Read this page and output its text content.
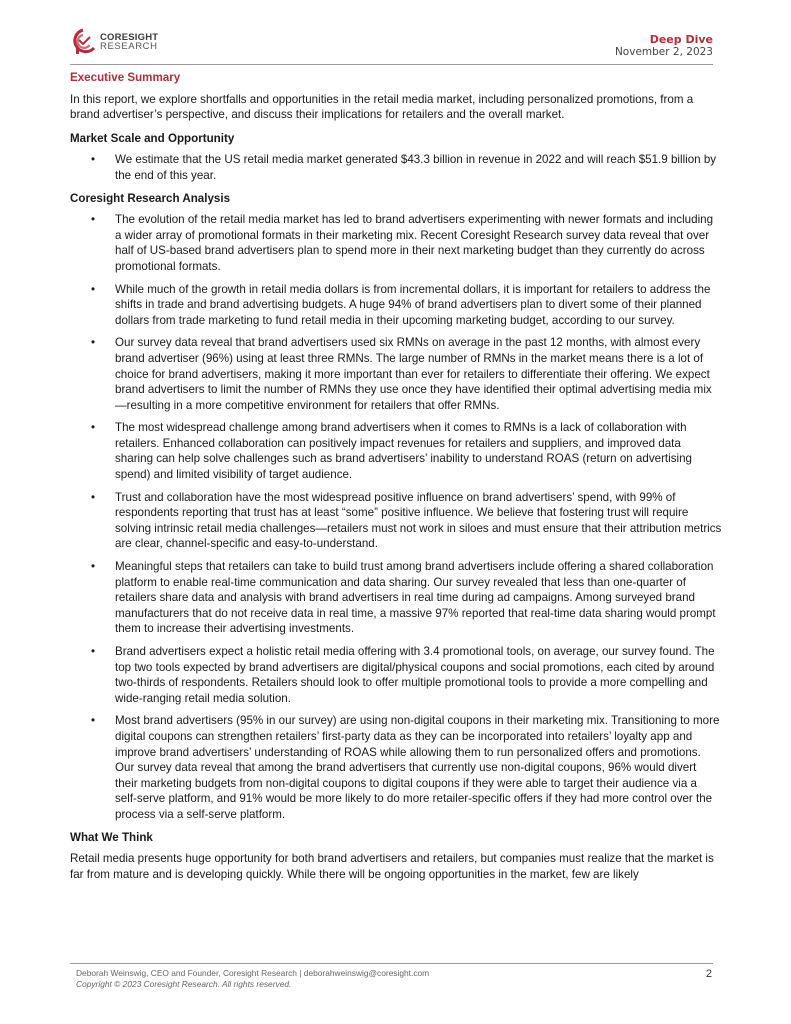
CORESIGHT
RESEARCH
Deep Dive
November 2, 2023
Executive Summary

In this report, we explore shortfalls and opportunities in the retail media market, including personalized promotions, from a brand advertiser’s perspective, and discuss their implications for retailers and the overall market.

Market Scale and Opportunity
• We estimate that the US retail media market generated $43.3 billion in revenue in 2022 and will reach $51.9 billion by the end of this year.
Coresight Research Analysis
• The evolution of the retail media market has led to brand advertisers experimenting with newer formats and including a wider array of promotional formats in their marketing mix. Recent Coresight Research survey data reveal that over half of US-based brand advertisers plan to spend more in their next marketing budget than they currently do across promotional formats.
• While much of the growth in retail media dollars is from incremental dollars, it is important for retailers to address the shifts in trade and brand advertising budgets. A huge 94% of brand advertisers plan to divert some of their planned dollars from trade marketing to fund retail media in their upcoming marketing budget, according to our survey.
• Our survey data reveal that brand advertisers used six RMNs on average in the past 12 months, with almost every brand advertiser (96%) using at least three RMNs. The large number of RMNs in the market means there is a lot of choice for brand advertisers, making it more important than ever for retailers to differentiate their offering. We expect brand advertisers to limit the number of RMNs they use once they have identified their optimal advertising media mix—resulting in a more competitive environment for retailers that offer RMNs.
• The most widespread challenge among brand advertisers when it comes to RMNs is a lack of collaboration with retailers. Enhanced collaboration can positively impact revenues for retailers and suppliers, and improved data sharing can help solve challenges such as brand advertisers’ inability to understand ROAS (return on advertising spend) and limited visibility of target audience.
• Trust and collaboration have the most widespread positive influence on brand advertisers’ spend, with 99% of respondents reporting that trust has at least “some” positive influence. We believe that fostering trust will require solving intrinsic retail media challenges—retailers must not work in siloes and must ensure that their attribution metrics are clear, channel-specific and easy-to-understand.
• Meaningful steps that retailers can take to build trust among brand advertisers include offering a shared collaboration platform to enable real-time communication and data sharing. Our survey revealed that less than one-quarter of retailers share data and analysis with brand advertisers in real time during ad campaigns. Among surveyed brand manufacturers that do not receive data in real time, a massive 97% reported that real-time data sharing would prompt them to increase their advertising investments.
• Brand advertisers expect a holistic retail media offering with 3.4 promotional tools, on average, our survey found. The top two tools expected by brand advertisers are digital/physical coupons and social promotions, each cited by around two-thirds of respondents. Retailers should look to offer multiple promotional tools to provide a more compelling and wide-ranging retail media solution.
• Most brand advertisers (95% in our survey) are using non-digital coupons in their marketing mix. Transitioning to more digital coupons can strengthen retailers’ first-party data as they can be incorporated into retailers’ loyalty app and improve brand advertisers’ understanding of ROAS while allowing them to run personalized offers and promotions. Our survey data reveal that among the brand advertisers that currently use non-digital coupons, 96% would divert their marketing budgets from non-digital coupons to digital coupons if they were able to target their audience via a self-serve platform, and 91% would be more likely to do more retailer-specific offers if they had more control over the process via a self-serve platform.
What We Think

Retail media presents huge opportunity for both brand advertisers and retailers, but companies must realize that the market is far from mature and is developing quickly. While there will be ongoing opportunities in the market, few are likely

Deborah Weinswig, CEO and Founder, Coresight Research | deborahweinswig@coresight.com
Copyright © 2023 Coresight Research. All rights reserved.
2
